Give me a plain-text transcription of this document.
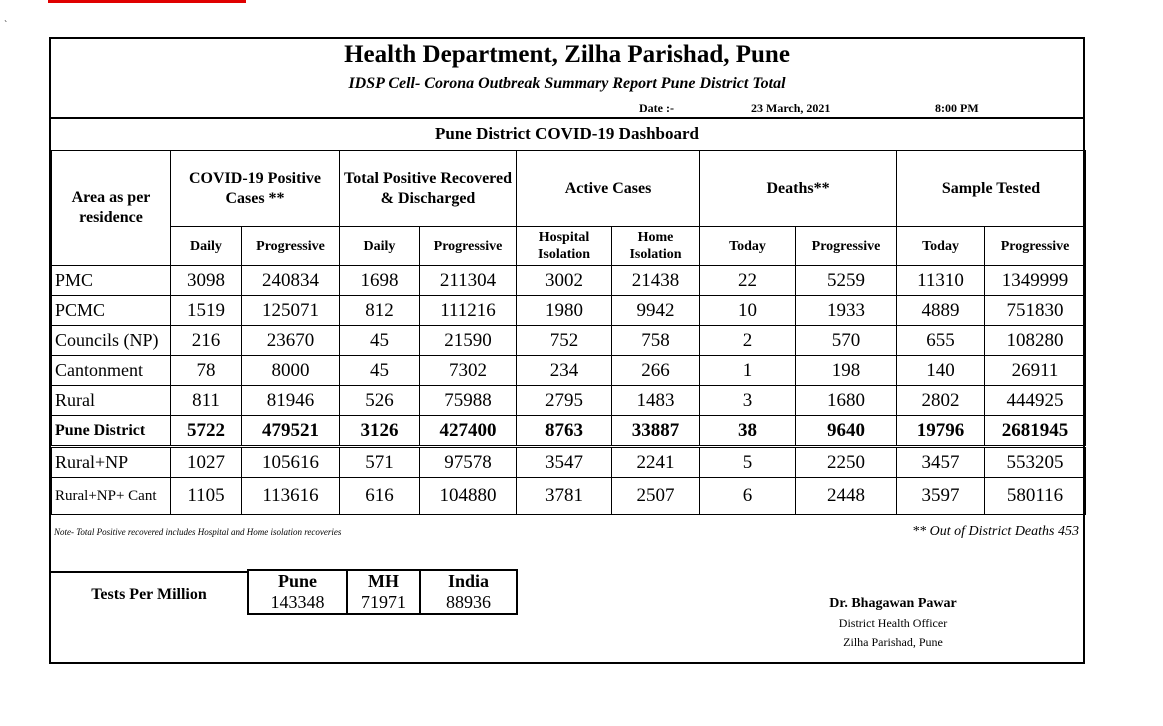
`
Health Department, Zilha Parishad, Pune
IDSP Cell- Corona Outbreak Summary Report Pune District Total
Date :-	23 March, 2021	8:00 PM
Pune District COVID-19 Dashboard
Area as per residence	COVID-19 Positive Cases **		Total Positive Recovered & Discharged		Active Cases		Deaths**		Sample Tested	
	Daily	Progressive	Daily	Progressive	Hospital Isolation	Home Isolation	Today	Progressive	Today	Progressive
PMC	3098	240834	1698	211304	3002	21438	22	5259	11310	1349999
PCMC	1519	125071	812	111216	1980	9942	10	1933	4889	751830
Councils (NP)	216	23670	45	21590	752	758	2	570	655	108280
Cantonment	78	8000	45	7302	234	266	1	198	140	26911
Rural	811	81946	526	75988	2795	1483	3	1680	2802	444925
Pune District	5722	479521	3126	427400	8763	33887	38	9640	19796	2681945
Rural+NP	1027	105616	571	97578	3547	2241	5	2250	3457	553205
Rural+NP+ Cant	1105	113616	616	104880	3781	2507	6	2448	3597	580116
Note- Total Positive recovered includes Hospital and Home isolation recoveries	** Out of District Deaths 453
Tests Per Million
Pune	MH	India
143348	71971	88936	Dr. Bhagawan Pawar
District Health Officer
Zilha Parishad, Pune
